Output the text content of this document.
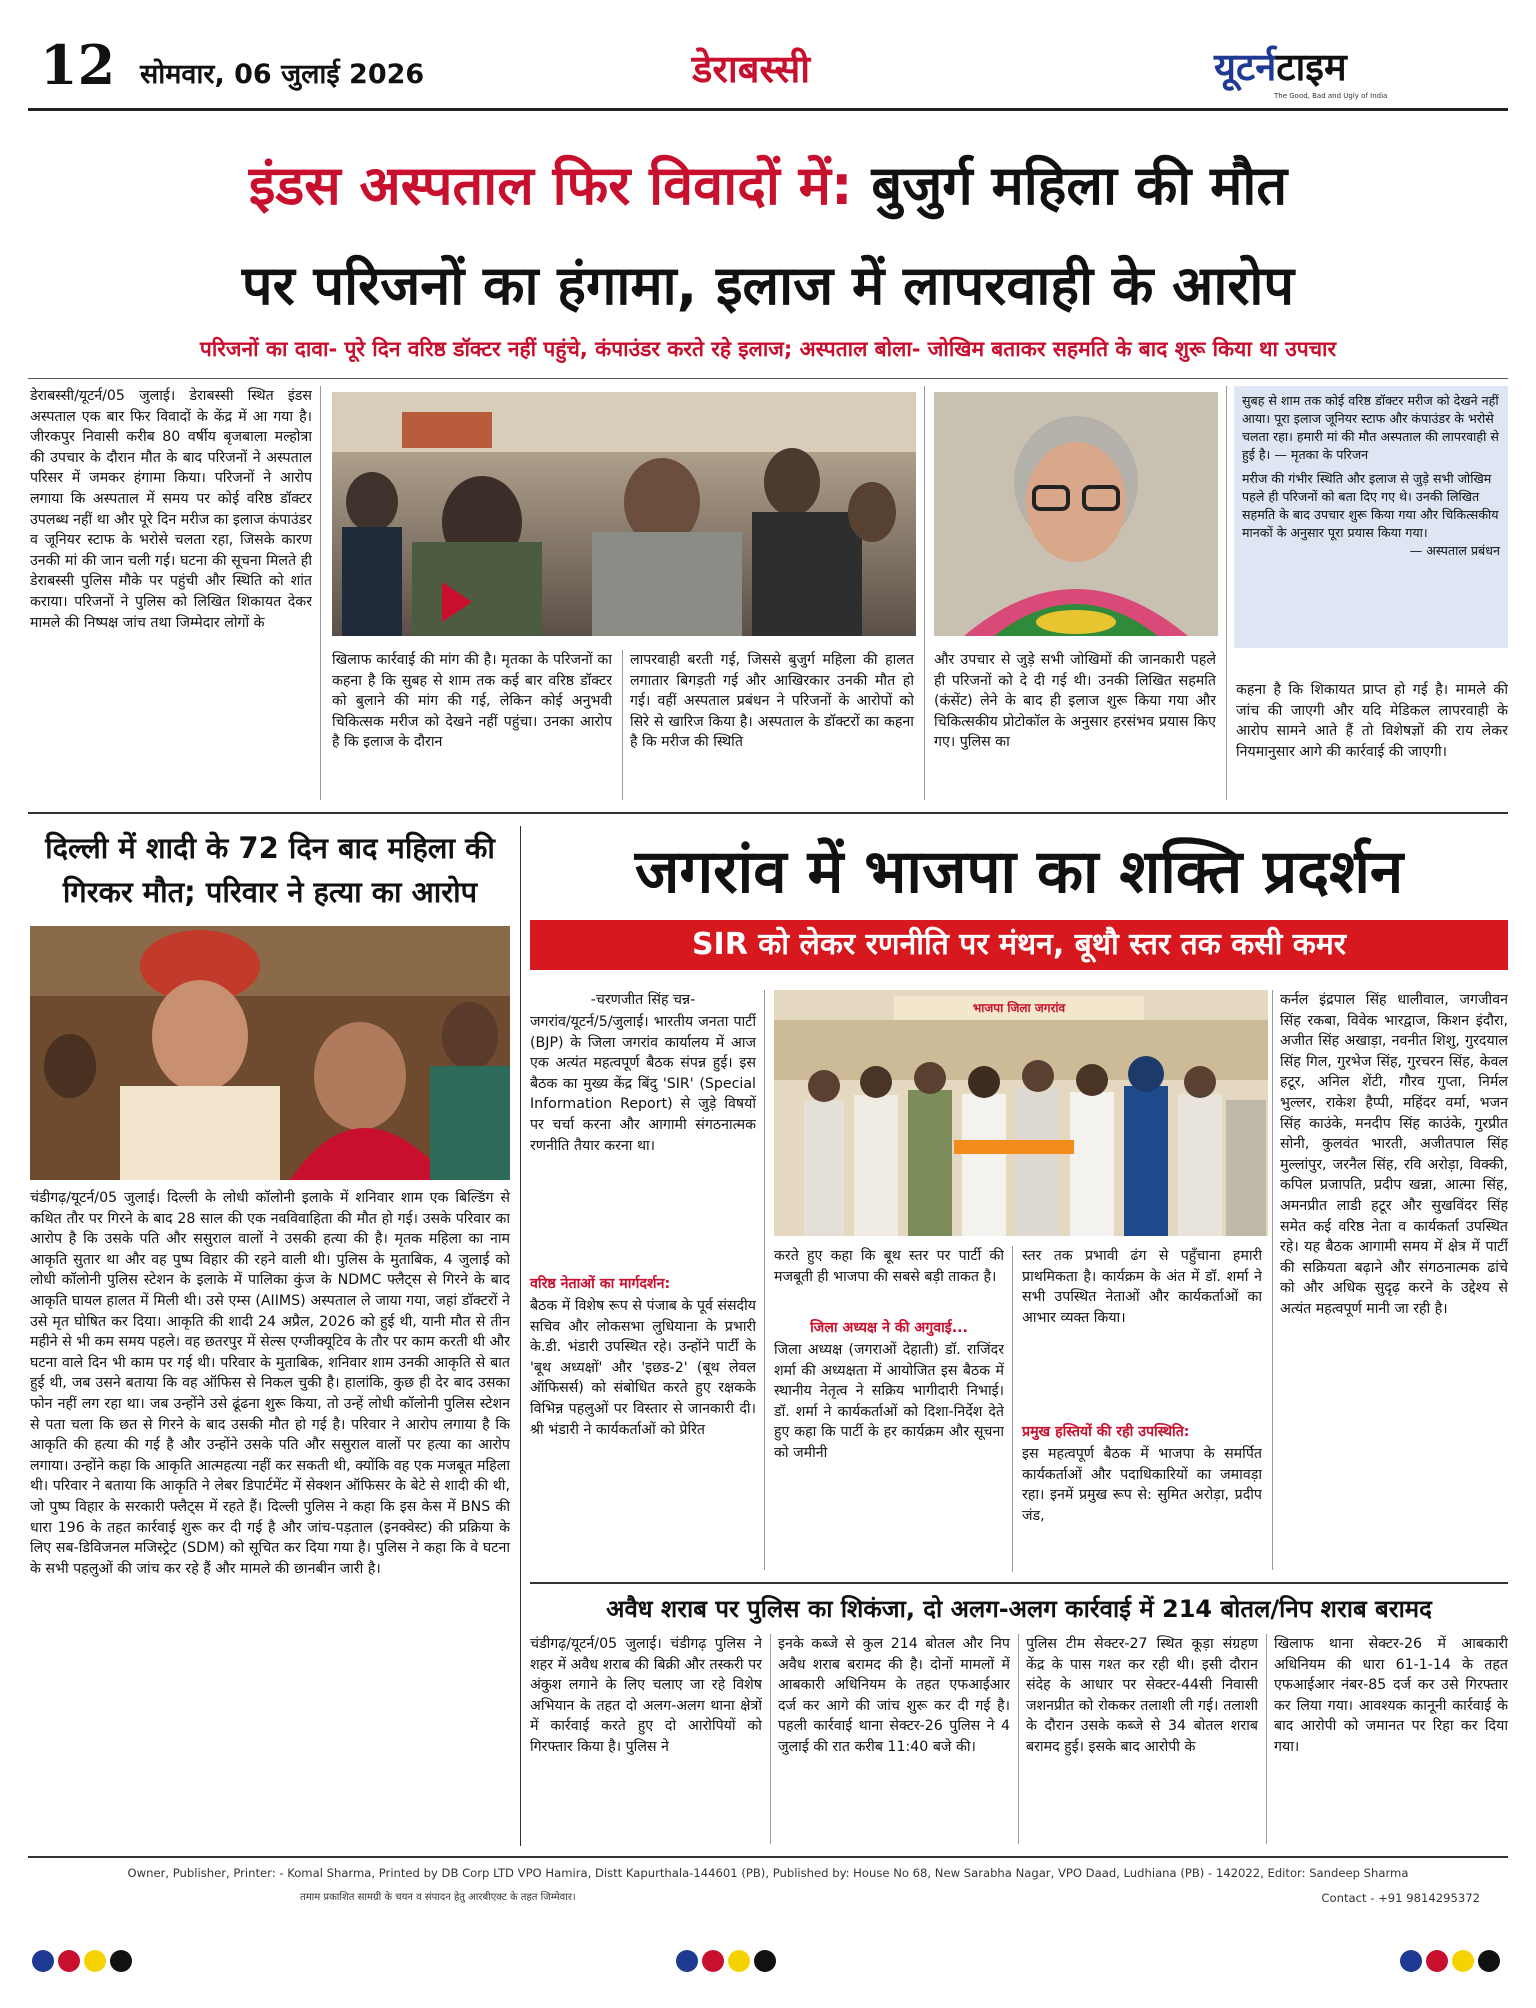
12 सोमवार, 06 जुलाई 2026	डेराबस्सी	यूटर्नटाइम
The Good, Bad and Ugly of India
इंडस अस्पताल फिर विवादों में: बुजुर्ग महिला की मौत
पर परिजनों का हंगामा, इलाज में लापरवाही के आरोप
परिजनों का दावा- पूरे दिन वरिष्ठ डॉक्टर नहीं पहुंचे, कंपाउंडर करते रहे इलाज; अस्पताल बोला- जोखिम बताकर सहमति के बाद शुरू किया था उपचार
डेराबस्सी/यूटर्न/05 जुलाई। डेराबस्सी स्थित इंडस अस्पताल एक बार फिर विवादों के केंद्र में आ गया है। जीरकपुर निवासी करीब 80 वर्षीय बृजबाला मल्होत्रा की उपचार के दौरान मौत के बाद परिजनों ने अस्पताल परिसर में जमकर हंगामा किया। परिजनों ने आरोप लगाया कि अस्पताल में समय पर कोई वरिष्ठ डॉक्टर उपलब्ध नहीं था और पूरे दिन मरीज का इलाज कंपाउंडर व जूनियर स्टाफ के भरोसे चलता रहा, जिसके कारण उनकी मां की जान चली गई। घटना की सूचना मिलते ही डेराबस्सी पुलिस मौके पर पहुंची और स्थिति को शांत कराया। परिजनों ने पुलिस को लिखित शिकायत देकर मामले की निष्पक्ष जांच तथा जिम्मेदार लोगों के
खिलाफ कार्रवाई की मांग की है। मृतका के परिजनों का कहना है कि सुबह से शाम तक कई बार वरिष्ठ डॉक्टर को बुलाने की मांग की गई, लेकिन कोई अनुभवी चिकित्सक मरीज को देखने नहीं पहुंचा। उनका आरोप है कि इलाज के दौरान
लापरवाही बरती गई, जिससे बुजुर्ग महिला की हालत लगातार बिगड़ती गई और आखिरकार उनकी मौत हो गई। वहीं अस्पताल प्रबंधन ने परिजनों के आरोपों को सिरे से खारिज किया है। अस्पताल के डॉक्टरों का कहना है कि मरीज की स्थिति
और उपचार से जुड़े सभी जोखिमों की जानकारी पहले ही परिजनों को दे दी गई थी। उनकी लिखित सहमति (कंसेंट) लेने के बाद ही इलाज शुरू किया गया और चिकित्सकीय प्रोटोकॉल के अनुसार हरसंभव प्रयास किए गए। पुलिस का
सुबह से शाम तक कोई वरिष्ठ डॉक्टर मरीज को देखने नहीं आया। पूरा इलाज जूनियर स्टाफ और कंपाउंडर के भरोसे चलता रहा। हमारी मां की मौत अस्पताल की लापरवाही से हुई है। — मृतका के परिजन
मरीज की गंभीर स्थिति और इलाज से जुड़े सभी जोखिम पहले ही परिजनों को बता दिए गए थे। उनकी लिखित सहमति के बाद उपचार शुरू किया गया और चिकित्सकीय मानकों के अनुसार पूरा प्रयास किया गया।
— अस्पताल प्रबंधन
कहना है कि शिकायत प्राप्त हो गई है। मामले की जांच की जाएगी और यदि मेडिकल लापरवाही के आरोप सामने आते हैं तो विशेषज्ञों की राय लेकर नियमानुसार आगे की कार्रवाई की जाएगी।
दिल्ली में शादी के 72 दिन बाद महिला की गिरकर मौत; परिवार ने हत्या का आरोप
चंडीगढ़/यूटर्न/05 जुलाई। दिल्ली के लोधी कॉलोनी इलाके में शनिवार शाम एक बिल्डिंग से कथित तौर पर गिरने के बाद 28 साल की एक नवविवाहिता की मौत हो गई। उसके परिवार का आरोप है कि उसके पति और ससुराल वालों ने उसकी हत्या की है। मृतक महिला का नाम आकृति सुतार था और वह पुष्प विहार की रहने वाली थी। पुलिस के मुताबिक, 4 जुलाई को लोधी कॉलोनी पुलिस स्टेशन के इलाके में पालिका कुंज के NDMC फ्लैट्स से गिरने के बाद आकृति घायल हालत में मिली थी। उसे एम्स (AIIMS) अस्पताल ले जाया गया, जहां डॉक्टरों ने उसे मृत घोषित कर दिया। आकृति की शादी 24 अप्रैल, 2026 को हुई थी, यानी मौत से तीन महीने से भी कम समय पहले। वह छतरपुर में सेल्स एग्जीक्यूटिव के तौर पर काम करती थी और घटना वाले दिन भी काम पर गई थी। परिवार के मुताबिक, शनिवार शाम उनकी आकृति से बात हुई थी, जब उसने बताया कि वह ऑफिस से निकल चुकी है। हालांकि, कुछ ही देर बाद उसका फोन नहीं लग रहा था। जब उन्होंने उसे ढूंढना शुरू किया, तो उन्हें लोधी कॉलोनी पुलिस स्टेशन से पता चला कि छत से गिरने के बाद उसकी मौत हो गई है। परिवार ने आरोप लगाया है कि आकृति की हत्या की गई है और उन्होंने उसके पति और ससुराल वालों पर हत्या का आरोप लगाया। उन्होंने कहा कि आकृति आत्महत्या नहीं कर सकती थी, क्योंकि वह एक मजबूत महिला थी। परिवार ने बताया कि आकृति ने लेबर डिपार्टमेंट में सेक्शन ऑफिसर के बेटे से शादी की थी, जो पुष्प विहार के सरकारी फ्लैट्स में रहते हैं। दिल्ली पुलिस ने कहा कि इस केस में BNS की धारा 196 के तहत कार्रवाई शुरू कर दी गई है और जांच-पड़ताल (इनक्वेस्ट) की प्रक्रिया के लिए सब-डिविजनल मजिस्ट्रेट (SDM) को सूचित कर दिया गया है। पुलिस ने कहा कि वे घटना के सभी पहलुओं की जांच कर रहे हैं और मामले की छानबीन जारी है।
जगरांव में भाजपा का शक्ति प्रदर्शन
SIR को लेकर रणनीति पर मंथन, बूथौ स्तर तक कसी कमर
-चरणजीत सिंह चन्न-
जगरांव/यूटर्न/5/जुलाई। भारतीय जनता पार्टी (BJP) के जिला जगरांव कार्यालय में आज एक अत्यंत महत्वपूर्ण बैठक संपन्न हुई। इस बैठक का मुख्य केंद्र बिंदु 'SIR' (Special Information Report) से जुड़े विषयों पर चर्चा करना और आगामी संगठनात्मक रणनीति तैयार करना था।
वरिष्ठ नेताओं का मार्गदर्शन:
बैठक में विशेष रूप से पंजाब के पूर्व संसदीय सचिव और लोकसभा लुधियाना के प्रभारी के.डी. भंडारी उपस्थित रहे। उन्होंने पार्टी के 'बूथ अध्यक्षों' और 'इछड-2' (बूथ लेवल ऑफिसर्स) को संबोधित करते हुए रक्षकके विभिन्न पहलुओं पर विस्तार से जानकारी दी। श्री भंडारी ने कार्यकर्ताओं को प्रेरित
भाजपा जिला जगरांव
करते हुए कहा कि बूथ स्तर पर पार्टी की मजबूती ही भाजपा की सबसे बड़ी ताकत है।
जिला अध्यक्ष ने की अगुवाई...
जिला अध्यक्ष (जगराओं देहाती) डॉ. राजिंदर शर्मा की अध्यक्षता में आयोजित इस बैठक में स्थानीय नेतृत्व ने सक्रिय भागीदारी निभाई। डॉ. शर्मा ने कार्यकर्ताओं को दिशा-निर्देश देते हुए कहा कि पार्टी के हर कार्यक्रम और सूचना को जमीनी
स्तर तक प्रभावी ढंग से पहुँचाना हमारी प्राथमिकता है। कार्यक्रम के अंत में डॉ. शर्मा ने सभी उपस्थित नेताओं और कार्यकर्ताओं का आभार व्यक्त किया।
प्रमुख हस्तियों की रही उपस्थिति:
इस महत्वपूर्ण बैठक में भाजपा के समर्पित कार्यकर्ताओं और पदाधिकारियों का जमावड़ा रहा। इनमें प्रमुख रूप से: सुमित अरोड़ा, प्रदीप जंड,
कर्नल इंद्रपाल सिंह धालीवाल, जगजीवन सिंह रकबा, विवेक भारद्वाज, किशन इंदौरा, अजीत सिंह अखाड़ा, नवनीत शिशु, गुरदयाल सिंह गिल, गुरभेज सिंह, गुरचरन सिंह, केवल हटूर, अनिल शेंटी, गौरव गुप्ता, निर्मल भुल्लर, राकेश हैप्पी, महिंदर वर्मा, भजन सिंह काउंके, मनदीप सिंह काउंके, गुरप्रीत सोनी, कुलवंत भारती, अजीतपाल सिंह मुल्लांपुर, जरनैल सिंह, रवि अरोड़ा, विक्की, कपिल प्रजापति, प्रदीप खन्ना, आत्मा सिंह, अमनप्रीत लाडी हटूर और सुखविंदर सिंह समेत कई वरिष्ठ नेता व कार्यकर्ता उपस्थित रहे। यह बैठक आगामी समय में क्षेत्र में पार्टी की सक्रियता बढ़ाने और संगठनात्मक ढांचे को और अधिक सुदृढ़ करने के उद्देश्य से अत्यंत महत्वपूर्ण मानी जा रही है।
अवैध शराब पर पुलिस का शिकंजा, दो अलग-अलग कार्रवाई में 214 बोतल/निप शराब बरामद
चंडीगढ़/यूटर्न/05 जुलाई। चंडीगढ़ पुलिस ने शहर में अवैध शराब की बिक्री और तस्करी पर अंकुश लगाने के लिए चलाए जा रहे विशेष अभियान के तहत दो अलग-अलग थाना क्षेत्रों में कार्रवाई करते हुए दो आरोपियों को गिरफ्तार किया है। पुलिस ने
इनके कब्जे से कुल 214 बोतल और निप अवैध शराब बरामद की है। दोनों मामलों में आबकारी अधिनियम के तहत एफआईआर दर्ज कर आगे की जांच शुरू कर दी गई है। पहली कार्रवाई थाना सेक्टर-26 पुलिस ने 4 जुलाई की रात करीब 11:40 बजे की।
पुलिस टीम सेक्टर-27 स्थित कूड़ा संग्रहण केंद्र के पास गश्त कर रही थी। इसी दौरान संदेह के आधार पर सेक्टर-44सी निवासी जशनप्रीत को रोककर तलाशी ली गई। तलाशी के दौरान उसके कब्जे से 34 बोतल शराब बरामद हुई। इसके बाद आरोपी के
खिलाफ थाना सेक्टर-26 में आबकारी अधिनियम की धारा 61-1-14 के तहत एफआईआर नंबर-85 दर्ज कर उसे गिरफ्तार कर लिया गया। आवश्यक कानूनी कार्रवाई के बाद आरोपी को जमानत पर रिहा कर दिया गया।
Owner, Publisher, Printer: - Komal Sharma, Printed by DB Corp LTD VPO Hamira, Distt Kapurthala-144601 (PB), Published by: House No 68, New Sarabha Nagar, VPO Daad, Ludhiana (PB) - 142022, Editor: Sandeep Sharma
तमाम प्रकाशित सामग्री के चयन व संपादन हेतु आरबीएक्ट के तहत जिम्मेवार।	Contact - +91 9814295372
